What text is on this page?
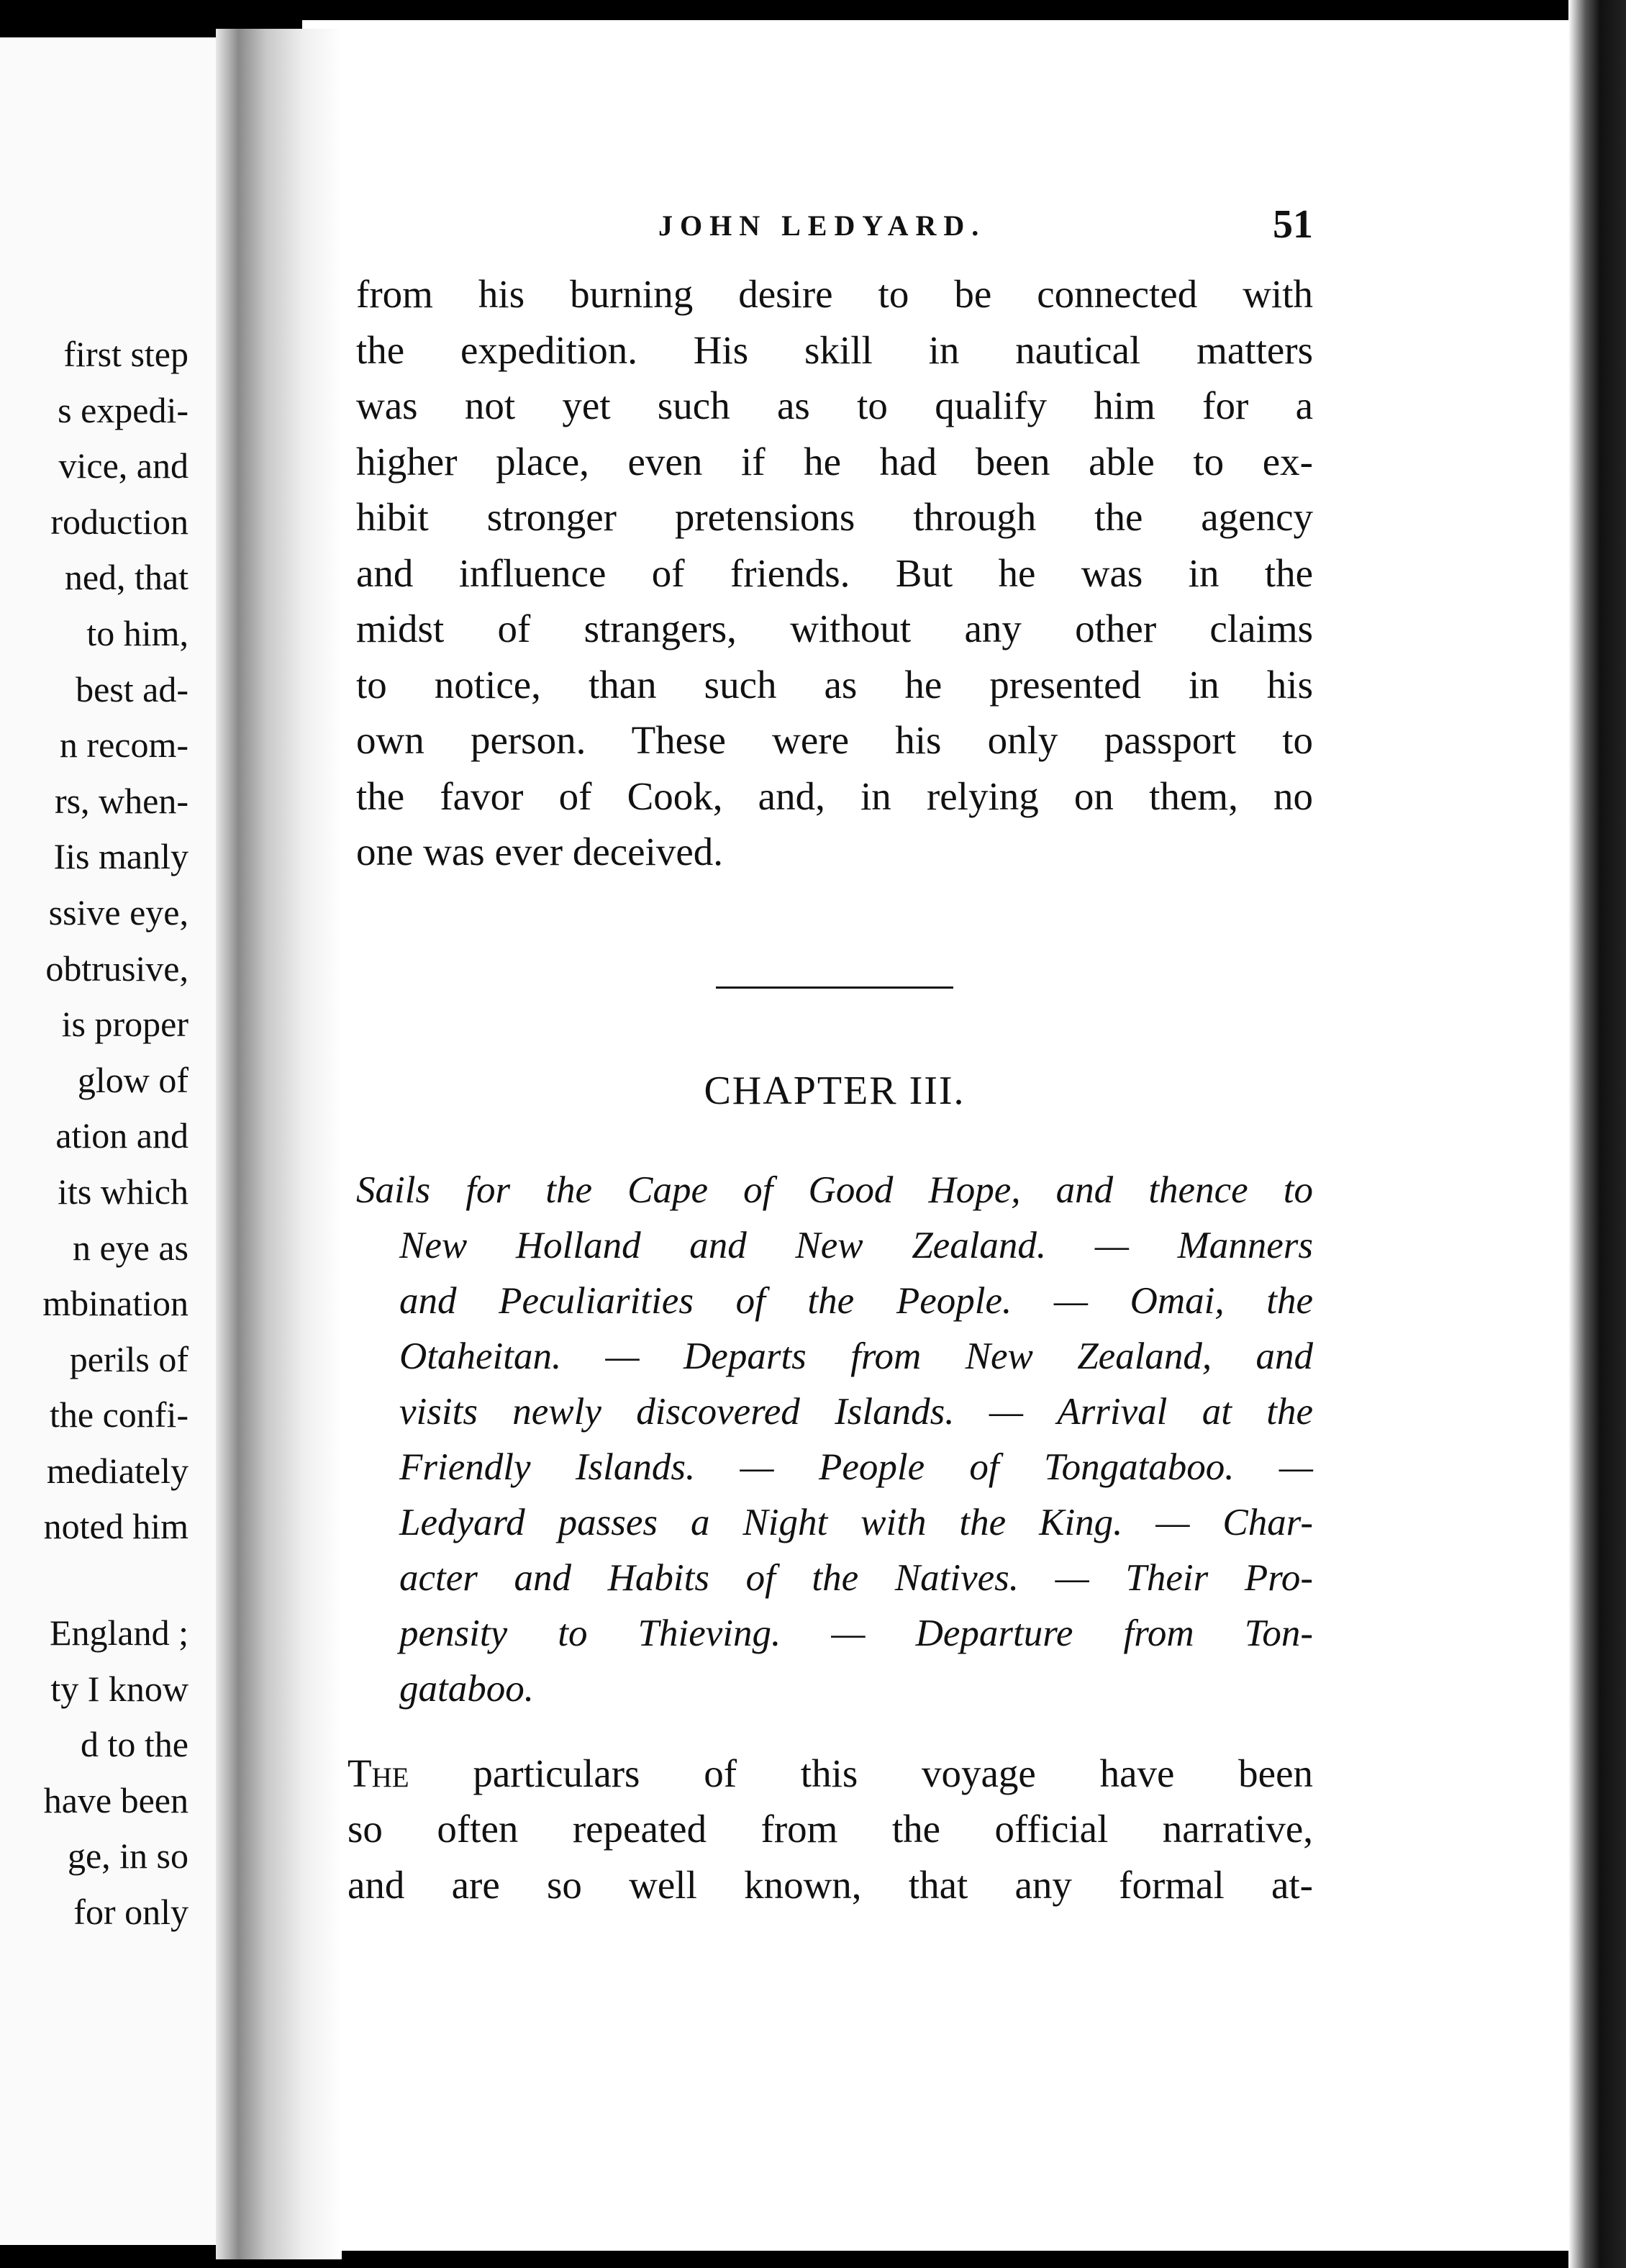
first step
s expedi-
vice, and
roduction
ned, that
to him,
best ad-
n recom-
rs, when-
Iis manly
ssive eye,
obtrusive,
is proper
glow of
ation and
its which
n eye as
mbination
perils of
the confi-
mediately
noted him
England ;
ty I know
d to the
have been
ge, in so
for only
JOHN LEDYARD.	51
from his burning desire to be connected with
the expedition. His skill in nautical matters
was not yet such as to qualify him for a
higher place, even if he had been able to ex-
hibit stronger pretensions through the agency
and influence of friends. But he was in the
midst of strangers, without any other claims
to notice, than such as he presented in his
own person. These were his only passport to
the favor of Cook, and, in relying on them, no
one was ever deceived.
CHAPTER III.
Sails for the Cape of Good Hope, and thence to
New Holland and New Zealand. — Manners
and Peculiarities of the People. — Omai, the
Otaheitan. — Departs from New Zealand, and
visits newly discovered Islands. — Arrival at the
Friendly Islands. — People of Tongataboo. —
Ledyard passes a Night with the King. — Char-
acter and Habits of the Natives. — Their Pro-
pensity to Thieving. — Departure from Ton-
gataboo.
The particulars of this voyage have been
so often repeated from the official narrative,
and are so well known, that any formal at-
